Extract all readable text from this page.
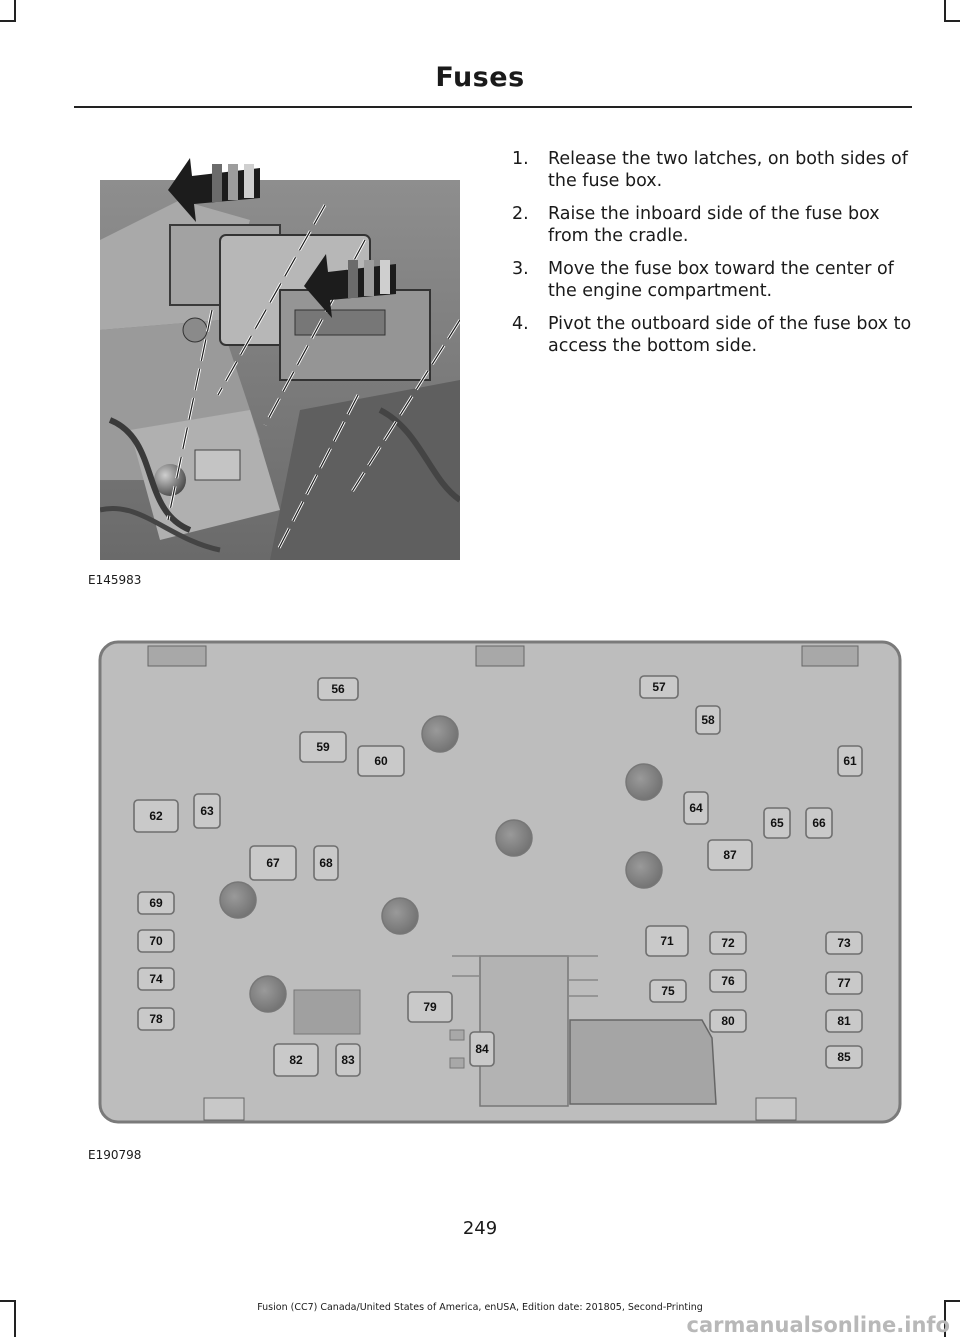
Fuses
E145983
1.	Release the two latches, on both sides of the fuse box.
2.	Raise the inboard side of the fuse box from the cradle.
3.	Move the fuse box toward the center of the engine compartment.
4.	Pivot the outboard side of the fuse box to access the bottom side.
56	57
58
59
60	61
62	63	64
65 66
67	68
69
70	71	72	73
74
75
76	77
78
79
80	81
82	83
84
85
87
E190798
249
Fusion (CC7) Canada/United States of America, enUSA, Edition date: 201805, Second-Printing
carmanualsonline.info
